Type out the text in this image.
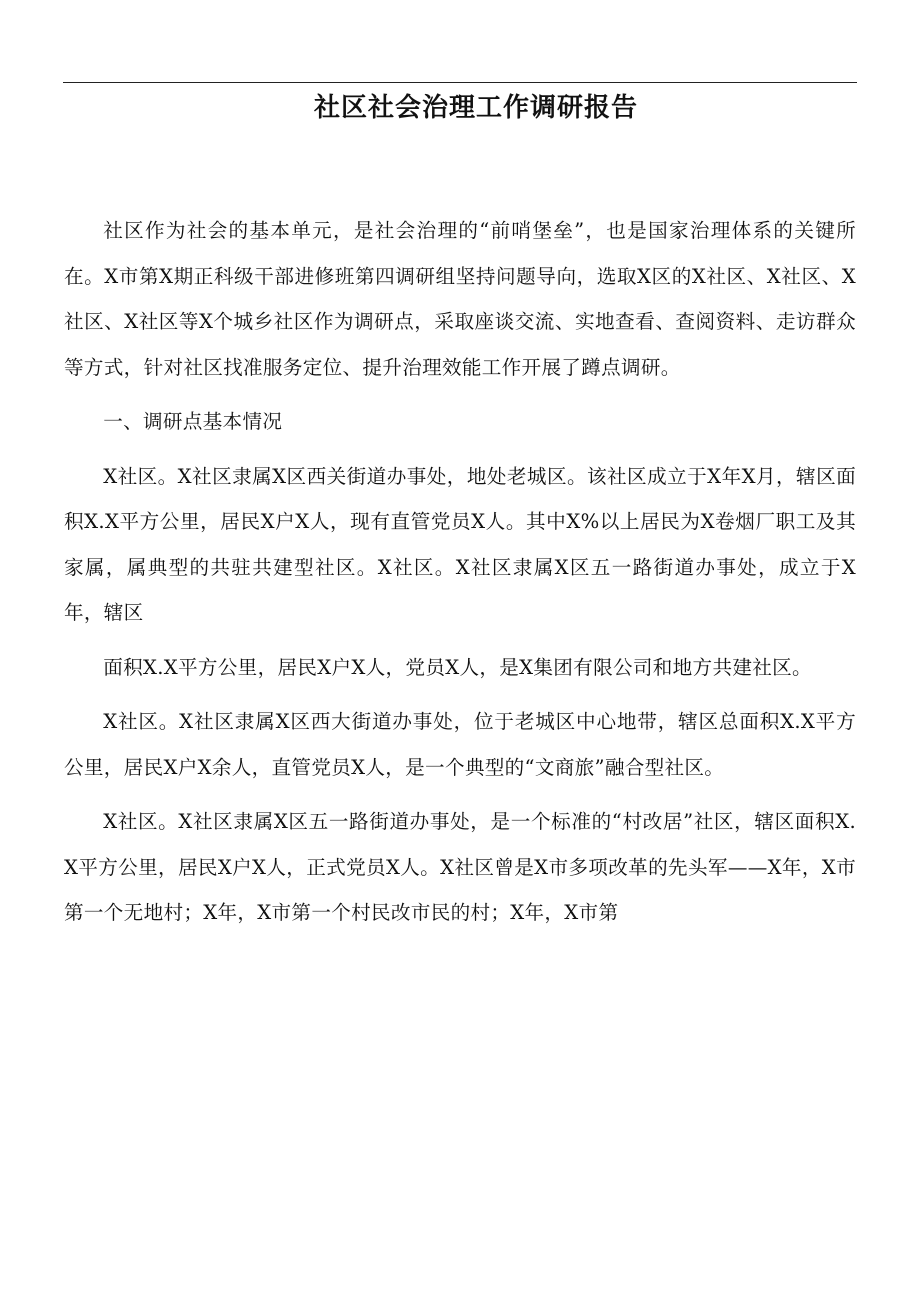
社区社会治理工作调研报告

社区作为社会的基本单元，是社会治理的“前哨堡垒”，也是国家治理体系的关键所在。X市第X期正科级干部进修班第四调研组坚持问题导向，选取X区的X社区、X社区、X社区、X社区等X个城乡社区作为调研点，采取座谈交流、实地查看、查阅资料、走访群众等方式，针对社区找准服务定位、提升治理效能工作开展了蹲点调研。

一、调研点基本情况

X社区。X社区隶属X区西关街道办事处，地处老城区。该社区成立于X年X月，辖区面积X.X平方公里，居民X户X人，现有直管党员X人。其中X%以上居民为X卷烟厂职工及其家属，属典型的共驻共建型社区。X社区。X社区隶属X区五一路街道办事处，成立于X年，辖区

面积X.X平方公里，居民X户X人，党员X人，是X集团有限公司和地方共建社区。

X社区。X社区隶属X区西大街道办事处，位于老城区中心地带，辖区总面积X.X平方公里，居民X户X余人，直管党员X人，是一个典型的“文商旅”融合型社区。

X社区。X社区隶属X区五一路街道办事处，是一个标准的“村改居”社区，辖区面积X.X平方公里，居民X户X人，正式党员X人。X社区曾是X市多项改革的先头军——X年，X市第一个无地村；X年，X市第一个村民改市民的村；X年，X市第
